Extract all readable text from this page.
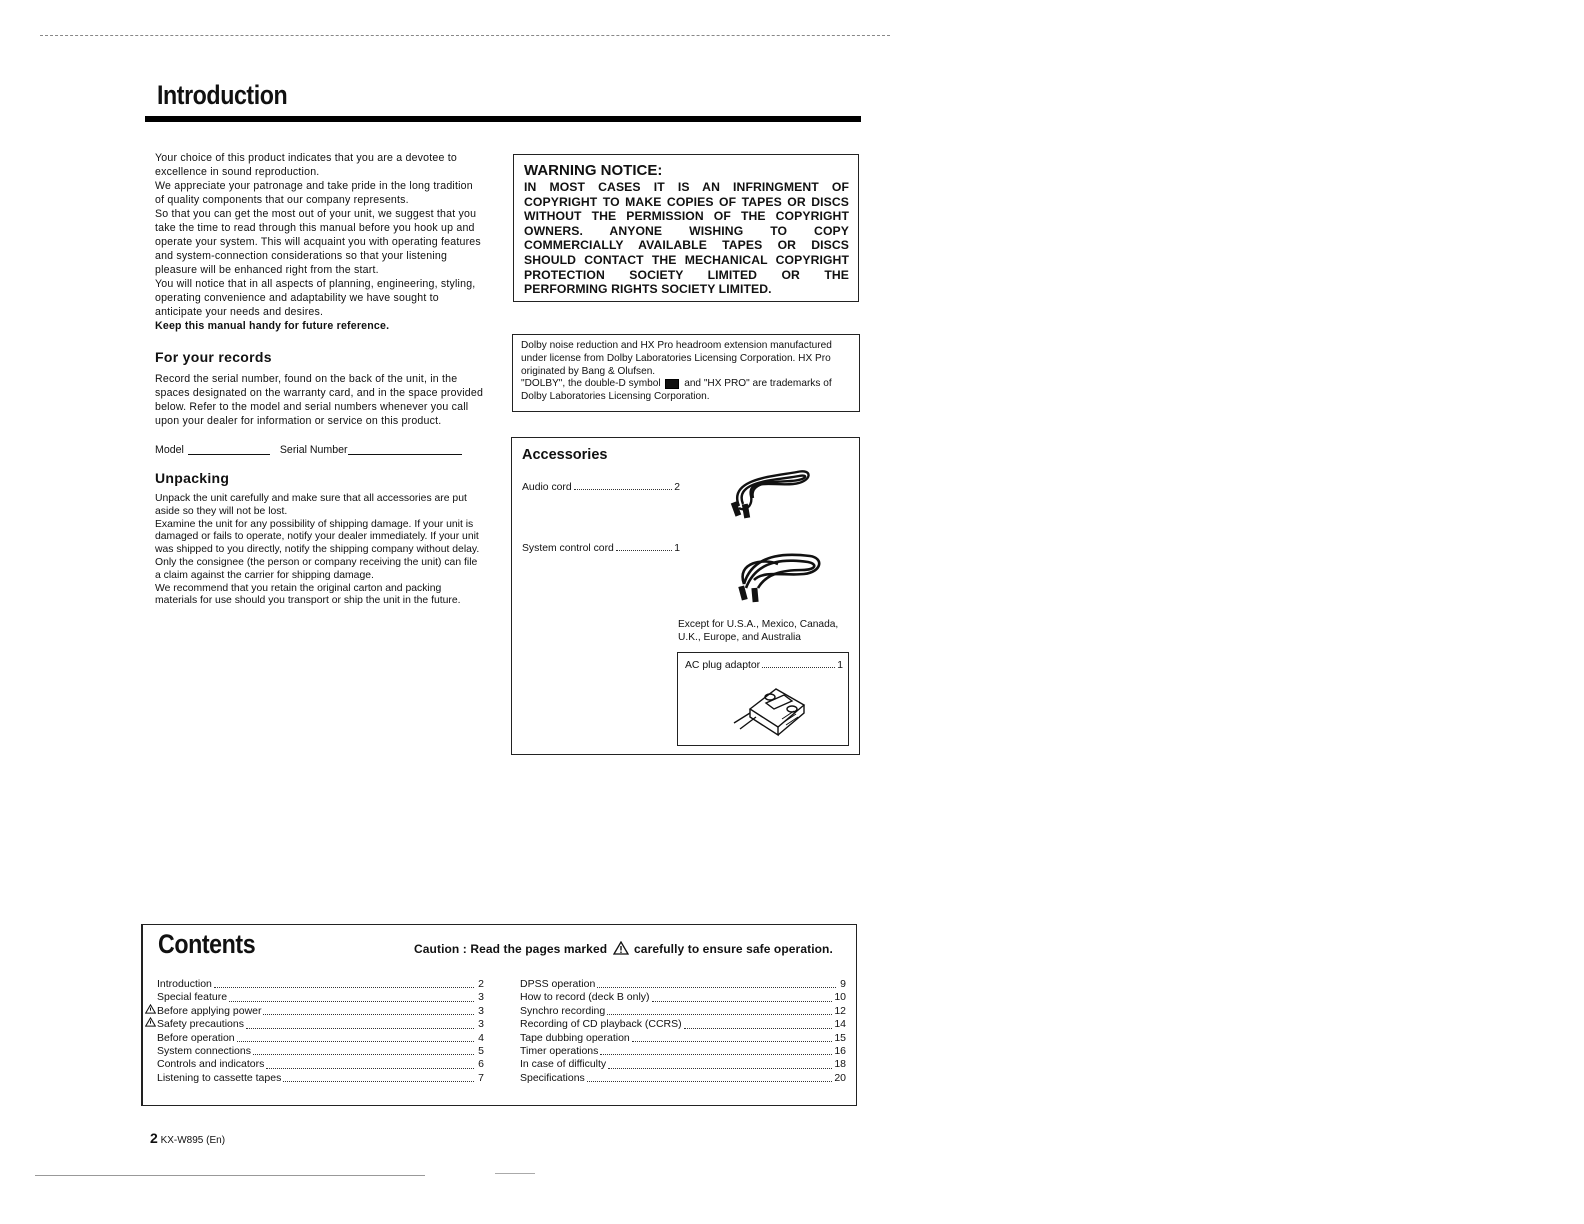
Introduction

Your choice of this product indicates that you are a devotee to excellence in sound reproduction.

We appreciate your patronage and take pride in the long tradition of quality components that our company represents.

So that you can get the most out of your unit, we suggest that you take the time to read through this manual before you hook up and operate your system. This will acquaint you with operating features and system-connection considerations so that your listening pleasure will be enhanced right from the start.

You will notice that in all aspects of planning, engineering, styling, operating convenience and adaptability we have sought to anticipate your needs and desires.

Keep this manual handy for future reference.

For your records
Record the serial number, found on the back of the unit, in the spaces designated on the warranty card, and in the space provided below. Refer to the model and serial numbers whenever you call upon your dealer for information or service on this product.
Model	Serial Number
Unpacking

Unpack the unit carefully and make sure that all accessories are put aside so they will not be lost.

Examine the unit for any possibility of shipping damage. If your unit is damaged or fails to operate, notify your dealer immediately. If your unit was shipped to you directly, notify the shipping company without delay. Only the consignee (the person or company receiving the unit) can file a claim against the carrier for shipping damage.

We recommend that you retain the original carton and packing materials for use should you transport or ship the unit in the future.

WARNING NOTICE:

IN MOST CASES IT IS AN INFRINGMENT OF COPYRIGHT TO MAKE COPIES OF TAPES OR DISCS WITHOUT THE PERMISSION OF THE COPYRIGHT OWNERS. ANYONE WISHING TO COPY COMMERCIALLY AVAILABLE TAPES OR DISCS SHOULD CONTACT THE MECHANICAL COPYRIGHT PROTECTION SOCIETY LIMITED OR THE PERFORMING RIGHTS SOCIETY LIMITED.

Dolby noise reduction and HX Pro headroom extension manufactured under license from Dolby Laboratories Licensing Corporation. HX Pro originated by Bang & Olufsen.

"DOLBY", the double-D symbol and "HX PRO" are trademarks of Dolby Laboratories Licensing Corporation.

Accessories
Audio cord	2
System control cord	1
Except for U.S.A., Mexico, Canada, U.K., Europe, and Australia
AC plug adaptor	1
Contents	Caution : Read the pages marked carefully to ensure safe operation.
Introduction	2
Special feature	3
Before applying power	3
Safety precautions	3
Before operation	4
System connections	5
Controls and indicators	6
Listening to cassette tapes	7
DPSS operation	9
How to record (deck B only)	10
Synchro recording	12
Recording of CD playback (CCRS)	14
Tape dubbing operation	15
Timer operations	16
In case of difficulty	18
Specifications	20
2 KX-W895 (En)
